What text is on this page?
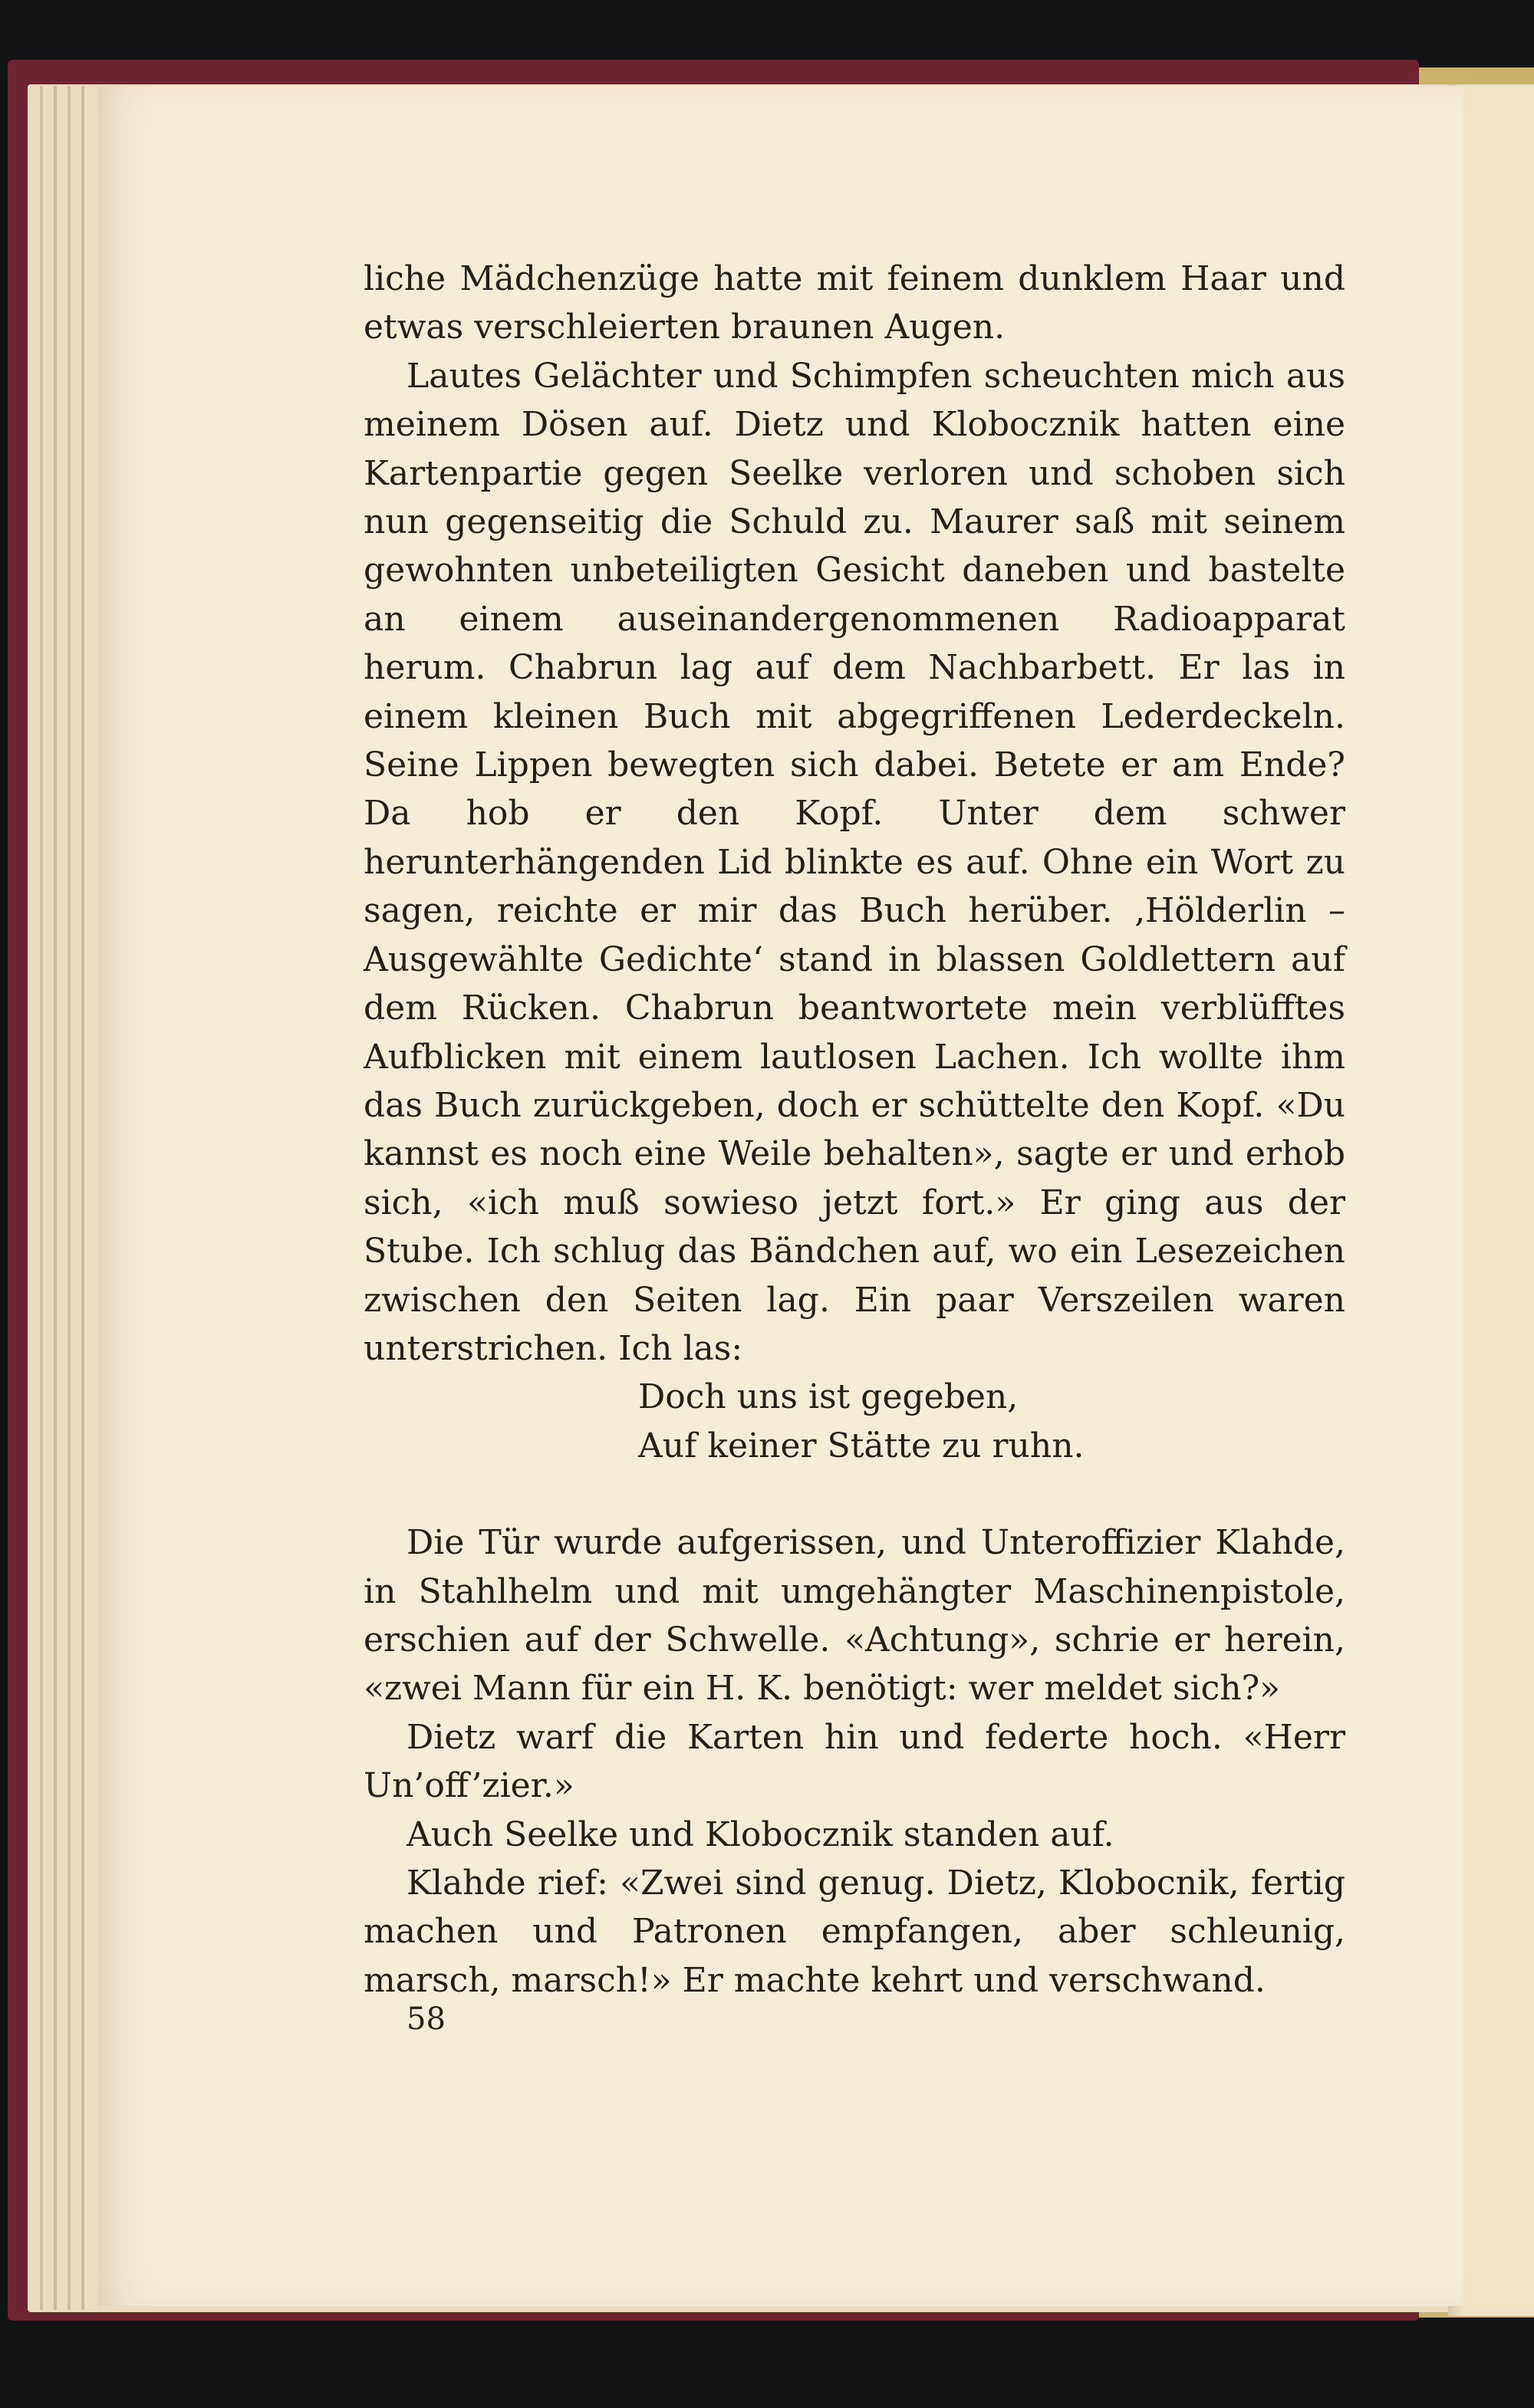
liche Mädchenzüge hatte mit feinem dunklem Haar und etwas verschleierten braunen Augen.

Lautes Gelächter und Schimpfen scheuchten mich aus meinem Dösen auf. Dietz und Klobocznik hatten eine Kartenpartie gegen Seelke verloren und schoben sich nun gegenseitig die Schuld zu. Maurer saß mit seinem gewohnten unbeteiligten Gesicht daneben und bastelte an einem auseinandergenommenen Radioapparat herum. Chabrun lag auf dem Nachbarbett. Er las in einem kleinen Buch mit abgegriffenen Lederdeckeln. Seine Lippen bewegten sich dabei. Betete er am Ende? Da hob er den Kopf. Unter dem schwer herunterhängenden Lid blinkte es auf. Ohne ein Wort zu sagen, reichte er mir das Buch herüber. ‚Hölderlin – Ausgewählte Gedichte‘ stand in blassen Goldlettern auf dem Rücken. Chabrun beantwortete mein verblüfftes Aufblicken mit einem lautlosen Lachen. Ich wollte ihm das Buch zurückgeben, doch er schüttelte den Kopf. «Du kannst es noch eine Weile behalten», sagte er und erhob sich, «ich muß sowieso jetzt fort.» Er ging aus der Stube. Ich schlug das Bändchen auf, wo ein Lesezeichen zwischen den Seiten lag. Ein paar Verszeilen waren unterstrichen. Ich las:

Doch uns ist gegeben,
Auf keiner Stätte zu ruhn.

Die Tür wurde aufgerissen, und Unteroffizier Klahde, in Stahlhelm und mit umgehängter Maschinenpistole, erschien auf der Schwelle. «Achtung», schrie er herein, «zwei Mann für ein H. K. benötigt: wer meldet sich?»

Dietz warf die Karten hin und federte hoch. «Herr Un’off’zier.»

Auch Seelke und Klobocznik standen auf.

Klahde rief: «Zwei sind genug. Dietz, Klobocnik, fertig machen und Patronen empfangen, aber schleunig, marsch, marsch!» Er machte kehrt und verschwand.

58
